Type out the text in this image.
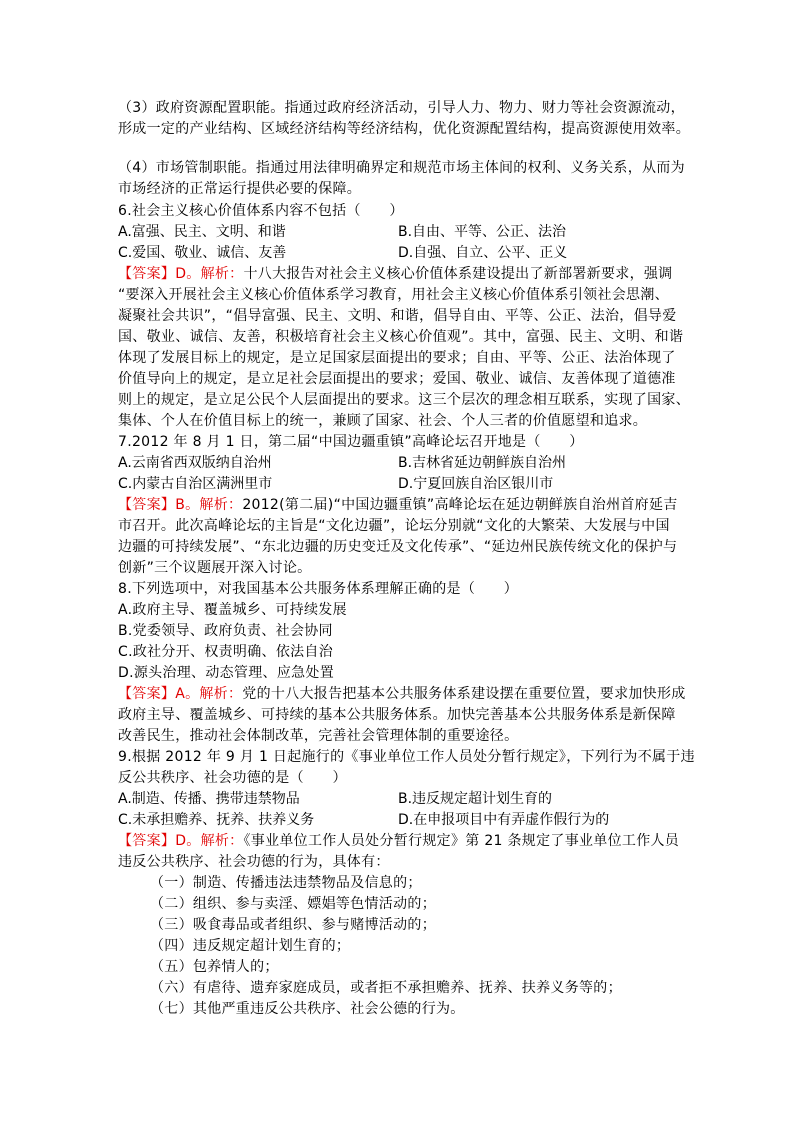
（3）政府资源配置职能。指通过政府经济活动，引导人力、物力、财力等社会资源流动，
形成一定的产业结构、区域经济结构等经济结构，优化资源配置结构，提高资源使用效率。
（4）市场管制职能。指通过用法律明确界定和规范市场主体间的权利、义务关系，从而为
市场经济的正常运行提供必要的保障。
6.社会主义核心价值体系内容不包括（　　）
A.富强、民主、文明、和谐	B.自由、平等、公正、法治
C.爱国、敬业、诚信、友善	D.自强、自立、公平、正义
【答案】D。解析：十八大报告对社会主义核心价值体系建设提出了新部署新要求，强调
“要深入开展社会主义核心价值体系学习教育，用社会主义核心价值体系引领社会思潮、
凝聚社会共识”，“倡导富强、民主、文明、和谐，倡导自由、平等、公正、法治，倡导爱
国、敬业、诚信、友善，积极培育社会主义核心价值观”。其中，富强、民主、文明、和谐
体现了发展目标上的规定，是立足国家层面提出的要求；自由、平等、公正、法治体现了
价值导向上的规定，是立足社会层面提出的要求；爱国、敬业、诚信、友善体现了道德准
则上的规定，是立足公民个人层面提出的要求。这三个层次的理念相互联系，实现了国家、
集体、个人在价值目标上的统一，兼顾了国家、社会、个人三者的价值愿望和追求。
7.2012 年 8 月 1 日，第二届“中国边疆重镇”高峰论坛召开地是（　　）
A.云南省西双版纳自治州	B.吉林省延边朝鲜族自治州
C.内蒙古自治区满洲里市	D.宁夏回族自治区银川市
【答案】B。解析：2012(第二届)“中国边疆重镇”高峰论坛在延边朝鲜族自治州首府延吉
市召开。此次高峰论坛的主旨是“文化边疆”，论坛分别就“文化的大繁荣、大发展与中国
边疆的可持续发展”、“东北边疆的历史变迁及文化传承”、“延边州民族传统文化的保护与
创新”三个议题展开深入讨论。
8.下列选项中，对我国基本公共服务体系理解正确的是（　　）
A.政府主导、覆盖城乡、可持续发展
B.党委领导、政府负责、社会协同
C.政社分开、权责明确、依法自治
D.源头治理、动态管理、应急处置
【答案】A。解析：党的十八大报告把基本公共服务体系建设摆在重要位置，要求加快形成
政府主导、覆盖城乡、可持续的基本公共服务体系。加快完善基本公共服务体系是新保障
改善民生，推动社会体制改革，完善社会管理体制的重要途径。
9.根据 2012 年 9 月 1 日起施行的《事业单位工作人员处分暂行规定》，下列行为不属于违
反公共秩序、社会功德的是（　　）
A.制造、传播、携带违禁物品	B.违反规定超计划生育的
C.未承担赡养、抚养、扶养义务	D.在申报项目中有弄虚作假行为的
【答案】D。解析：《事业单位工作人员处分暂行规定》第 21 条规定了事业单位工作人员
违反公共秩序、社会功德的行为，具体有：
（一）制造、传播违法违禁物品及信息的；
（二）组织、参与卖淫、嫖娼等色情活动的；
（三）吸食毒品或者组织、参与赌博活动的；
（四）违反规定超计划生育的；
（五）包养情人的；
（六）有虐待、遗弃家庭成员，或者拒不承担赡养、抚养、扶养义务等的；
（七）其他严重违反公共秩序、社会公德的行为。
